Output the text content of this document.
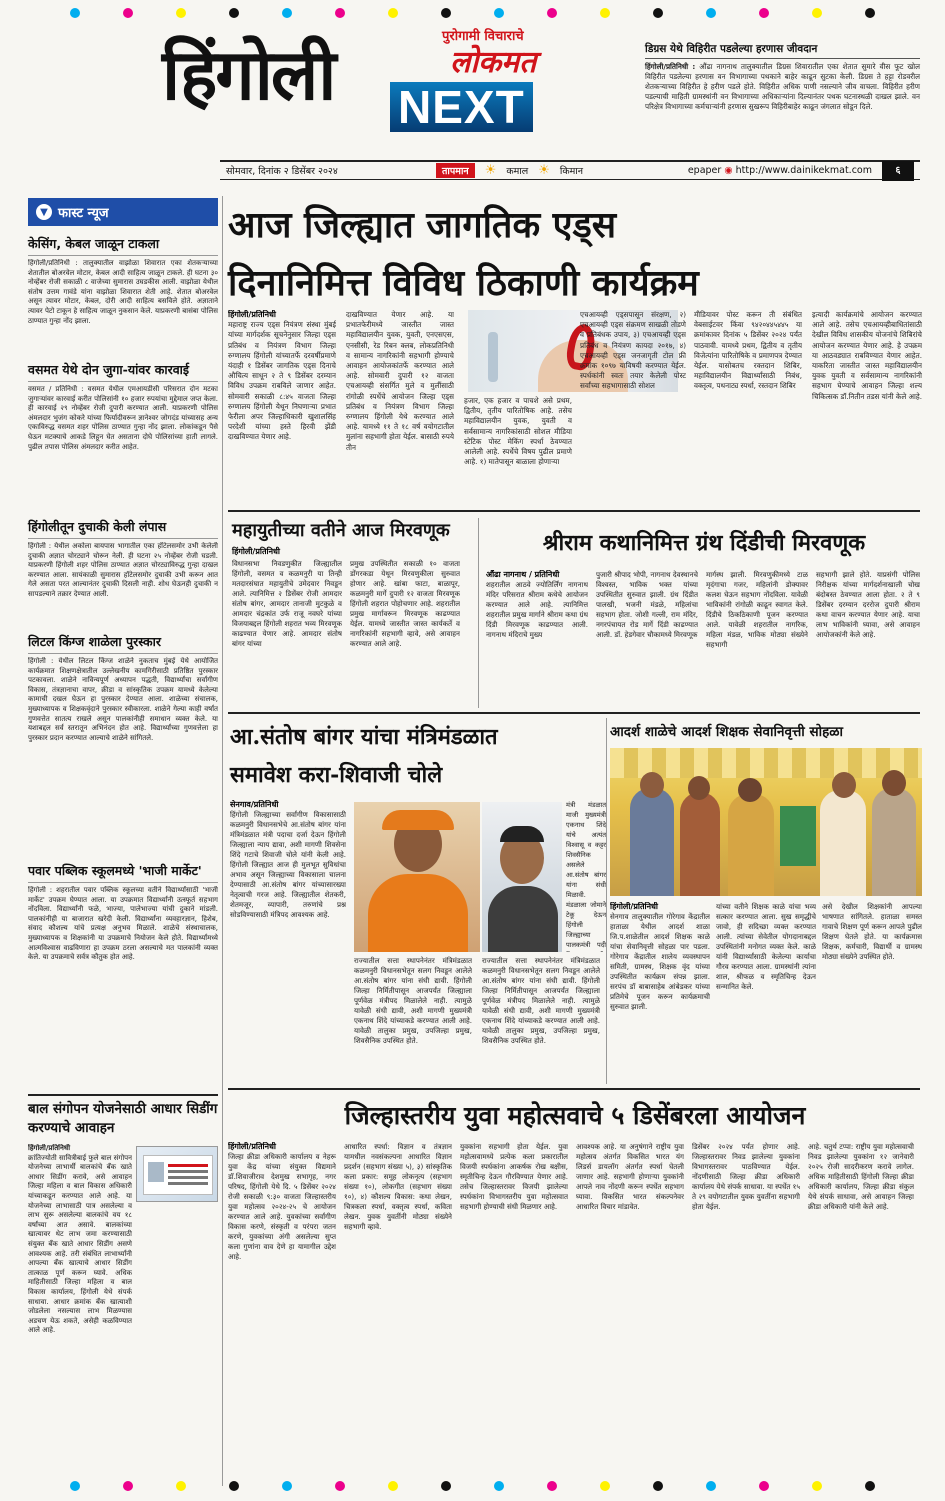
हिंगोली	पुरोगामी विचाराचे
लोकमत
NEXT
डिग्रस येथे विहिरीत पडलेल्या हरणास जीवदान

हिंगोली/प्रतिनिधी : औंढा नागनाथ तालुक्यातील डिग्रस शिवारातील एका शेतात सुमारे वीस फूट खोल विहिरीत पडलेल्या हरणास वन विभागाच्या पथकाने बाहेर काढून सुटका केली. डिग्रस ते हट्टा रोडवरील शेतकऱ्याच्या विहिरीत हे हरीण पडले होते. विहिरीत अधिक पाणी नसल्याने जीव वाचला. विहिरीत हरीण पडल्याची माहिती ग्रामस्थांनी वन विभागाच्या अधिकाऱ्यांना दिल्यानंतर पथक घटनास्थळी दाखल झाले. वन परिक्षेत्र विभागाच्या कर्मचाऱ्यांनी हरणास सुखरूप विहिरीबाहेर काढून जंगलात सोडून दिले.

सोमवार, दिनांक २ डिसेंबर २०२४	तापमान	☀ कमाल ☀ किमान	epaper ◉ http://www.dainikekmat.com	६
▼ फास्ट न्यूज
केसिंग, केबल जाळून टाकला

हिंगोली/प्रतिनिधी : तालुक्यातील वाझोळा शिवारात एका शेतकऱ्याच्या शेतातील बोअरवेल मोटार, केबल आदी साहित्य जाळून टाकले. ही घटना ३० नोव्हेंबर रोजी सकाळी ८ वाजेच्या सुमारास उघडकीस आली. वाझोळा येथील संतोष उत्तम गावंडे यांना वाझोळा शिवारात शेती आहे. शेतात बोअरवेल असून त्यावर मोटार, केबल, दोरी आदी साहित्य बसविले होते. अज्ञाताने त्यावर पेटो टाकून हे साहित्य जाळून नुकसान केले. याप्रकरणी बासंबा पोलिस ठाण्यात गुन्हा नोंद झाला.

वसमत येथे दोन जुगा-यांवर कारवाई

वसमत / प्रतिनिधी : वसमत येथील एमआयडीसी परिसरात दोन मटका जुगाऱ्यांवर कारवाई करीत पोलिसांनी १० हजार रुपयांचा मुद्देमाल जप्त केला. ही कारवाई २९ नोव्हेंबर रोजी दुपारी करण्यात आली. याप्रकरणी पोलिस अंमलदार भुजंग कोकरे यांच्या फिर्यादीवरून ज्ञानेश्वर जोगदंड यांच्यासह अन्य एकाविरुद्ध वसमत शहर पोलिस ठाण्यात गुन्हा नोंद झाला. लोकांकडून पैसे घेऊन मटक्याचे आकडे लिहून घेत असताना दोघे पोलिसांच्या हाती लागले. पुढील तपास पोलिस अंमलदार करीत आहेत.

हिंगोलीतून दुचाकी केली लंपास

हिंगोली : येथील अकोला बायपास भागातील एका हॉटेलसमोर उभी केलेली दुचाकी अज्ञात चोरट्याने चोरून नेली. ही घटना २५ नोव्हेंबर रोजी घडली. याप्रकरणी हिंगोली शहर पोलिस ठाण्यात अज्ञात चोरट्याविरुद्ध गुन्हा दाखल करण्यात आला. सायंकाळी सुमारास हॉटेलसमोर दुचाकी उभी करून आत गेले असता परत आल्यानंतर दुचाकी दिसली नाही. शोध घेऊनही दुचाकी न सापडल्याने तक्रार देण्यात आली.

लिटल किंग्ज शाळेला पुरस्कार

हिंगोली : येथील लिटल किंग्ज शाळेने नुकताच मुंबई येथे आयोजित कार्यक्रमात शिक्षणक्षेत्रातील उल्लेखनीय कामगिरीसाठी प्रतिष्ठित पुरस्कार पटकावला. शाळेने नाविन्यपूर्ण अध्यापन पद्धती, विद्यार्थ्यांचा सर्वांगीण विकास, तंत्रज्ञानाचा वापर, क्रीडा व सांस्कृतिक उपक्रम यामध्ये केलेल्या कामाची दखल घेऊन हा पुरस्कार देण्यात आला. शाळेच्या संचालक, मुख्याध्यापक व शिक्षकवृंदाने पुरस्कार स्वीकारला. शाळेने गेल्या काही वर्षांत गुणवत्तेत सातत्य राखले असून पालकांनीही समाधान व्यक्त केले. या यशाबद्दल सर्व स्तरातून अभिनंदन होत आहे. विद्यार्थ्यांच्या गुणवत्तेला हा पुरस्कार प्रदान करण्यात आल्याचे शाळेने सांगितले.

पवार पब्लिक स्कूलमध्ये 'भाजी मार्केट'

हिंगोली : शहरातील पवार पब्लिक स्कूलच्या वतीने विद्यार्थ्यांसाठी 'भाजी मार्केट' उपक्रम घेण्यात आला. या उपक्रमात विद्यार्थ्यांनी उत्स्फूर्त सहभाग नोंदविला. विद्यार्थ्यांनी फळे, भाज्या, पालेभाज्या यांची दुकाने मांडली. पालकांनीही या बाजारात खरेदी केली. विद्यार्थ्यांना व्यवहारज्ञान, हिशेब, संवाद कौशल्य यांचे प्रत्यक्ष अनुभव मिळाले. शाळेचे संस्थाचालक, मुख्याध्यापक व शिक्षकांनी या उपक्रमाचे नियोजन केले होते. विद्यार्थ्यांमध्ये आत्मविश्वास वाढविणारा हा उपक्रम ठरला असल्याचे मत पालकांनी व्यक्त केले. या उपक्रमाचे सर्वत्र कौतुक होत आहे.

बाल संगोपन योजनेसाठी आधार सिडींग करण्याचे आवाहन

हिंगोली/प्रतिनिधी
क्रांतिज्योती सावित्रीबाई फुले बाल संगोपन योजनेच्या लाभार्थी बालकांचे बँक खाते आधार सिडींग करावे, असे आवाहन जिल्हा महिला व बाल विकास अधिकारी यांच्याकडून करण्यात आले आहे. या योजनेच्या लाभासाठी पात्र असलेल्या व लाभ सुरू असलेल्या बालकांचे वय १८ वर्षांच्या आत असावे. बालकांच्या खात्यावर थेट लाभ जमा करण्यासाठी संयुक्त बँक खाते आधार सिडींग असणे आवश्यक आहे. तरी संबंधित लाभार्थ्यांनी आपल्या बँक खात्याचे आधार सिडींग तात्काळ पूर्ण करून घ्यावे. अधिक माहितीसाठी जिल्हा महिला व बाल विकास कार्यालय, हिंगोली येथे संपर्क साधावा. आधार क्रमांक बँक खात्याशी जोडलेला नसल्यास लाभ मिळण्यास अडचण येऊ शकते, असेही कळविण्यात आले आहे.

आज जिल्ह्यात जागतिक एड्स
दिनानिमित्त विविध ठिकाणी कार्यक्रम
हिंगोली/प्रतिनिधी
महाराष्ट्र राज्य एड्स नियंत्रण संस्था मुंबई यांच्या मार्गदर्शक सूचनेनुसार जिल्हा एड्स प्रतिबंध व नियंत्रण विभाग जिल्हा रुग्णालय हिंगोली यांच्यातर्फे दरवर्षीप्रमाणे यंदाही १ डिसेंबर जागतिक एड्स दिनाचे औचित्य साधून २ ते ९ डिसेंबर दरम्यान विविध उपक्रम राबविले जाणार आहेत. सोमवारी सकाळी ८:४५ वाजता जिल्हा रुग्णालय हिंगोली येथून निघणार्‍या प्रभात फेरीला अपर जिल्हाधिकारी खुशालसिंह परदेशी यांच्या हस्ते हिरवी झेंडी दाखविण्यात येणार आहे.
दाखविण्यात येणार आहे. या प्रभातफेरीमध्ये जास्तीत जास्त महाविद्यालयीन युवक, युवती, एनएसएस, एनसीसी, रेड रिबन क्लब, लोकप्रतिनिधी व सामान्य नागरिकांनी सहभागी होण्याचे आवाहन आयोजकांतर्फे करण्यात आले आहे. सोमवारी दुपारी १२ वाजता एचआयव्ही संसर्गित मुले व मुलींसाठी रांगोळी स्पर्धेचे आयोजन जिल्हा एड्स प्रतिबंध व नियंत्रण विभाग जिल्हा रुग्णालय हिंगोली येथे करण्यात आले आहे. यामध्ये ११ ते १८ वर्ष वयोगटातील मुलांना सहभागी होता येईल. बासाठी रुपये तीन
हजार, एक हजार व पाचशे असे प्रथम, द्वितीय, तृतीय पारितोषिक आहे. तसेच महाविद्यालयीन युवक, युवती व सर्वसामान्य नागरिकांसाठी सोशल मीडिया स्टेटिक पोस्ट मेकिंग स्पर्धा ठेवण्यात आलेली आहे. स्पर्धेचे विषय पुढील प्रमाणे आहे. १) मातेपासून बाळाला होणाऱ्या
एचआयव्ही एड्सपासून संरक्षण, २) एचआयव्ही एड्स संक्रमण साखळी तोडणे व प्रतिबंधक उपाय, ३) एचआयव्ही एड्स प्रतिबंध व नियंत्रण कायदा २०१७, ४) एचआयव्ही एड्स जनजागृती टोल फ्री क्रमांक १०९७ याविषयी करण्यात येईल. स्पर्धकांनी स्वतः तयार केलेली पोस्ट सर्वांच्या सहभागासाठी सोशल
मीडियावर पोस्ट करून ती संबंधित वेबसाईटवर किंवा ९४२०४४५४४५ या क्रमांकावर दिनांक ५ डिसेंबर २०२४ पर्यंत पाठवावी. यामध्ये प्रथम, द्वितीय व तृतीय विजेत्यांना पारितोषिके व प्रमाणपत्र देण्यात येईल. यासोबतच रक्तदान शिबिर, महाविद्यालयीन विद्यार्थ्यांसाठी निबंध, वक्तृत्व, पथनाट्य स्पर्धा, रस्तदान शिबिर
इत्यादी कार्यक्रमांचे आयोजन करण्यात आले आहे. तसेच एचआयव्हीबाधितांसाठी देखील विविध शासकीय योजनांचे शिबिरांचे आयोजन करण्यात येणार आहे. हे उपक्रम या आठवड्यात राबविण्यात येणार आहेत. याकरिता जास्तीत जास्त महाविद्यालयीन युवक युवती व सर्वसामान्य नागरिकांनी सहभाग घेण्याचे आवाहन जिल्हा शल्य चिकित्सक डॉ.नितीन तडस यांनी केले आहे.
महायुतीच्या वतीने आज मिरवणूक
हिंगोली/प्रतिनिधी
विधानसभा निवडणुकीत जिल्ह्यातील हिंगोली, वसमत व कळमनुरी या तिन्ही मतदारसंघात महायुतीचे उमेदवार निवडून आले. त्यानिमित्त २ डिसेंबर रोजी आमदार संतोष बांगर, आमदार तानाजी मुटकुळे व आमदार चंद्रकांत उर्फ राजू नवघरे यांच्या विजयाबद्दल हिंगोली शहरात भव्य मिरवणूक काढण्यात येणार आहे. आमदार संतोष बांगर यांच्या
प्रमुख उपस्थितीत सकाळी १० वाजता डोंगरकडा येथून मिरवणुकीला सुरुवात होणार आहे. खांबा फाटा, बाळापूर, कळमनुरी मार्गे दुपारी १२ वाजता मिरवणूक हिंगोली शहरात पोहोचणार आहे. शहरातील प्रमुख मार्गावरून मिरवणूक काढण्यात येईल. यामध्ये जास्तीत जास्त कार्यकर्ते व नागरिकांनी सहभागी व्हावे, असे आवाहन करण्यात आले आहे.
श्रीराम कथानिमित्त ग्रंथ दिंडीची मिरवणूक
औंढा नागनाथ / प्रतिनिधी
शहरातील आठवे ज्योतिर्लिंग नागनाथ मंदिर परिसरात श्रीराम कथेचे आयोजन करण्यात आले आहे. त्यानिमित्त शहरातील प्रमुख मार्गाने श्रीराम कथा ग्रंथ दिंडी मिरवणूक काढण्यात आली. नागनाथ मंदिराचे मुख्य
पुजारी श्रीपाद भोपी, नागनाथ देवस्थानचे विश्वस्त, भाविक भक्त यांच्या उपस्थितीत सुरुवात झाली. ग्रंथ दिंडीत पालखी, भजनी मंडळे, महिलांचा सहभाग होता. जोशी गल्ली, राम मंदिर, नगरपंचायत रोड मार्गे दिंडी काढण्यात आली. डॉ. हेडगेवार चौकामध्ये मिरवणूक
मार्गस्थ झाली. मिरवणुकीमध्ये टाळ मृदंगाचा गजर, महिलांनी डोक्यावर कलश घेऊन सहभाग नोंदविला. यावेळी भाविकांनी रांगोळी काढून स्वागत केले. दिंडीचे ठिकठिकाणी पूजन करण्यात आले. यावेळी शहरातील नागरिक, महिला मंडळ, भाविक मोठ्या संख्येने सहभागी
सहभागी झाले होते. याप्रसंगी पोलिस निरीक्षक यांच्या मार्गदर्शनाखाली चोख बंदोबस्त ठेवण्यात आला होता. २ ते ९ डिसेंबर दरम्यान दररोज दुपारी श्रीराम कथा वाचन करण्यात येणार आहे. याचा लाभ भाविकांनी घ्यावा, असे आवाहन आयोजकांनी केले आहे.
आ.संतोष बांगर यांचा मंत्रिमंडळात
समावेश करा-शिवाजी चोले
सेनगाव/प्रतिनिधी
हिंगोली जिल्ह्याच्या सर्वांगीण विकासासाठी कळमनुरी विधानसभेचे आ.संतोष बांगर यांना मंत्रिमंडळात मंत्री पदाचा दर्जा देऊन हिंगोली जिल्ह्याला न्याय द्यावा, अशी मागणी शिवसेना शिंदे गटाचे शिवाजी चोले यांनी केली आहे. हिंगोली जिल्ह्यात आज ही मुलभूत सुविधांचा अभाव असून जिल्ह्याच्या विकासाला चालना देण्यासाठी आ.संतोष बांगर यांच्यासारख्या नेतृत्वाची गरज आहे. जिल्ह्यातील शेतकरी, शेतमजूर, व्यापारी, तरुणांचे प्रश्न सोडविण्यासाठी मंत्रिपद आवश्यक आहे.
राज्यातील सत्ता स्थापनेनंतर मंत्रिमंडळात कळमनुरी विधानसभेतून सलग निवडून आलेले आ.संतोष बांगर यांना संधी द्यावी. हिंगोली जिल्हा निर्मितीपासून आजपर्यंत जिल्ह्याला पूर्णवेळ मंत्रीपद मिळालेले नाही. त्यामुळे यावेळी संधी द्यावी, अशी मागणी मुख्यमंत्री एकनाथ शिंदे यांच्याकडे करण्यात आली आहे. यावेळी तालुका प्रमुख, उपजिल्हा प्रमुख, शिवसैनिक उपस्थित होते.
राज्यातील सत्ता स्थापनेनंतर मंत्रिमंडळात कळमनुरी विधानसभेतून सलग निवडून आलेले आ.संतोष बांगर यांना संधी द्यावी. हिंगोली जिल्हा निर्मितीपासून आजपर्यंत जिल्ह्याला पूर्णवेळ मंत्रीपद मिळालेले नाही. त्यामुळे यावेळी संधी द्यावी, अशी मागणी मुख्यमंत्री एकनाथ शिंदे यांच्याकडे करण्यात आली आहे. यावेळी तालुका प्रमुख, उपजिल्हा प्रमुख, शिवसैनिक उपस्थित होते.
मंत्री मंडळात माजी मुख्यमंत्री एकनाथ शिंदे यांचे अत्यंत विश्वासू व कट्टर शिवसैनिक असलेले आ.संतोष बांगर यांना संधी मिळावी. मंडळाला जोमाने टेकू देऊन हिंगोली जिल्ह्याच्या पालकमंत्री पदी
आदर्श शाळेचे आदर्श शिक्षक सेवानिवृत्ती सोहळा
हिंगोली/प्रतिनिधी
सेनगाव तालुक्यातील गोरेगाव केंद्रातील हाताळा येथील आदर्श शाळा जि.प.शाळेतील आदर्श शिक्षक काळे यांचा सेवानिवृत्ती सोहळा पार पडला. गोरेगाव केंद्रातील शालेय व्यवस्थापन समिती, ग्रामस्थ, शिक्षक वृंद यांच्या उपस्थितीत कार्यक्रम संपन्न झाला. सरपंच डॉ बाबासाहेब आंबेडकर यांच्या प्रतिमेचे पूजन करून कार्यक्रमाची सुरुवात झाली.
यांच्या वतीने शिक्षक काळे यांचा भव्य सत्कार करण्यात आला. सुख समृद्धीचे जावो, ही सदिच्छा व्यक्त करण्यात आली. त्यांच्या सेवेतील योगदानाबद्दल उपस्थितांनी मनोगत व्यक्त केले. काळे यांनी विद्यार्थ्यांसाठी केलेल्या कार्याचा गौरव करण्यात आला. ग्रामस्थांनी त्यांना शाल, श्रीफळ व स्मृतिचिन्ह देऊन सन्मानित केले.
असे देखील शिक्षकांनी आपल्या भाषणात सांगितले. हाताळा समस्त गावाचे शिक्षण पूर्ण करून आपले पुढील शिक्षण घेतले होते. या कार्यक्रमास शिक्षक, कर्मचारी, विद्यार्थी व ग्रामस्थ मोठ्या संख्येने उपस्थित होते.
जिल्हास्तरीय युवा महोत्सवाचे ५ डिसेंबरला आयोजन
हिंगोली/प्रतिनिधी
जिल्हा क्रीडा अधिकारी कार्यालय व नेहरू युवा केंद्र यांच्या संयुक्त विद्यमाने डॉ.शिवाजीराव देशमुख सभागृह, नगर परिषद, हिंगोली येथे दि. ५ डिसेंबर २०२४ रोजी सकाळी ९:३० वाजता जिल्हास्तरीय युवा महोत्सव २०२४-२५ चे आयोजन करण्यात आले आहे. युवकांच्या सर्वांगीण विकास करणे, संस्कृती व परंपरा जतन करणे, युवकांच्या अंगी असलेल्या सुप्त कला गुणांना वाव देणे हा यामागील उद्देश आहे.
आधारित स्पर्धा: विज्ञान व तंत्रज्ञान यामधील नवसंकल्पना आधारित विज्ञान प्रदर्शन (सहभाग संख्या ५), ३) सांस्कृतिक कला प्रकार: समूह लोकनृत्य (सहभाग संख्या १०), लोकगीत (सहभाग संख्या १०), ४) कौशल्य विकास: कथा लेखन, चित्रकला स्पर्धा, वक्तृत्व स्पर्धा, कविता लेखन. युवक युवतींनी मोठ्या संख्येने सहभागी व्हावे.
युवकांना सहभागी होता येईल. युवा महोत्सवामध्ये प्रत्येक कला प्रकारातील विजयी स्पर्धकांना आकर्षक रोख बक्षीस, स्मृतीचिन्ह देऊन गौरविण्यात येणार आहे. तसेच जिल्हास्तरावर विजयी झालेल्या स्पर्धकांना विभागस्तरीय युवा महोत्सवात सहभागी होण्याची संधी मिळणार आहे.
आवश्यक आहे. या अनुषंगाने राष्ट्रीय युवा महोत्सव अंतर्गत विकसित भारत यंग लिडर्स डायलॉग अंतर्गत स्पर्धा घेतली जाणार आहे. सहभागी होणाऱ्या युवकांनी आपले नाव नोंदणी करून स्पर्धेत सहभाग घ्यावा. विकसित भारत संकल्पनेवर आधारित विचार मांडावेत.
डिसेंबर २०२४ पर्यंत होणार आहे. जिल्हास्तरावर निवड झालेल्या युवकांना विभागस्तरावर पाठविण्यात येईल. नोंदणीसाठी जिल्हा क्रीडा अधिकारी कार्यालय येथे संपर्क साधावा. या स्पर्धेत १५ ते २९ वयोगटातील युवक युवतींना सहभागी होता येईल.
आहे. चतुर्थ टप्पा: राष्ट्रीय युवा महोत्सवाची निवड झालेल्या युवकांना १२ जानेवारी २०२५ रोजी सादरीकरण करावे लागेल. अधिक माहितीसाठी हिंगोली जिल्हा क्रीडा अधिकारी कार्यालय, जिल्हा क्रीडा संकुल येथे संपर्क साधावा, असे आवाहन जिल्हा क्रीडा अधिकारी यांनी केले आहे.
